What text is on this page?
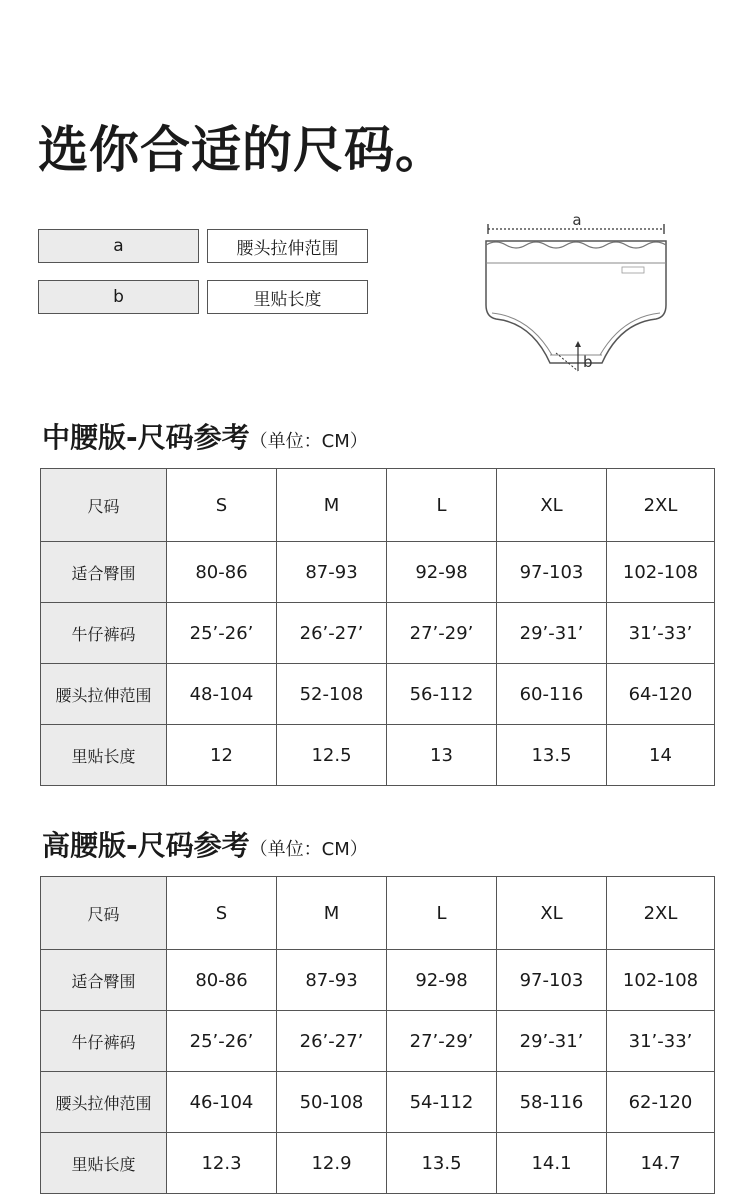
选你合适的尺码。
a	腰头拉伸范围
b	里贴长度
a
b
中腰版-尺码参考（单位：CM）
尺码	S	M	L	XL	2XL
适合臀围	80-86	87-93	92-98	97-103	102-108
牛仔裤码	25’-26’	26’-27’	27’-29’	29’-31’	31’-33’
腰头拉伸范围	48-104	52-108	56-112	60-116	64-120
里贴长度	12	12.5	13	13.5	14
高腰版-尺码参考（单位：CM）
尺码	S	M	L	XL	2XL
适合臀围	80-86	87-93	92-98	97-103	102-108
牛仔裤码	25’-26’	26’-27’	27’-29’	29’-31’	31’-33’
腰头拉伸范围	46-104	50-108	54-112	58-116	62-120
里贴长度	12.3	12.9	13.5	14.1	14.7
